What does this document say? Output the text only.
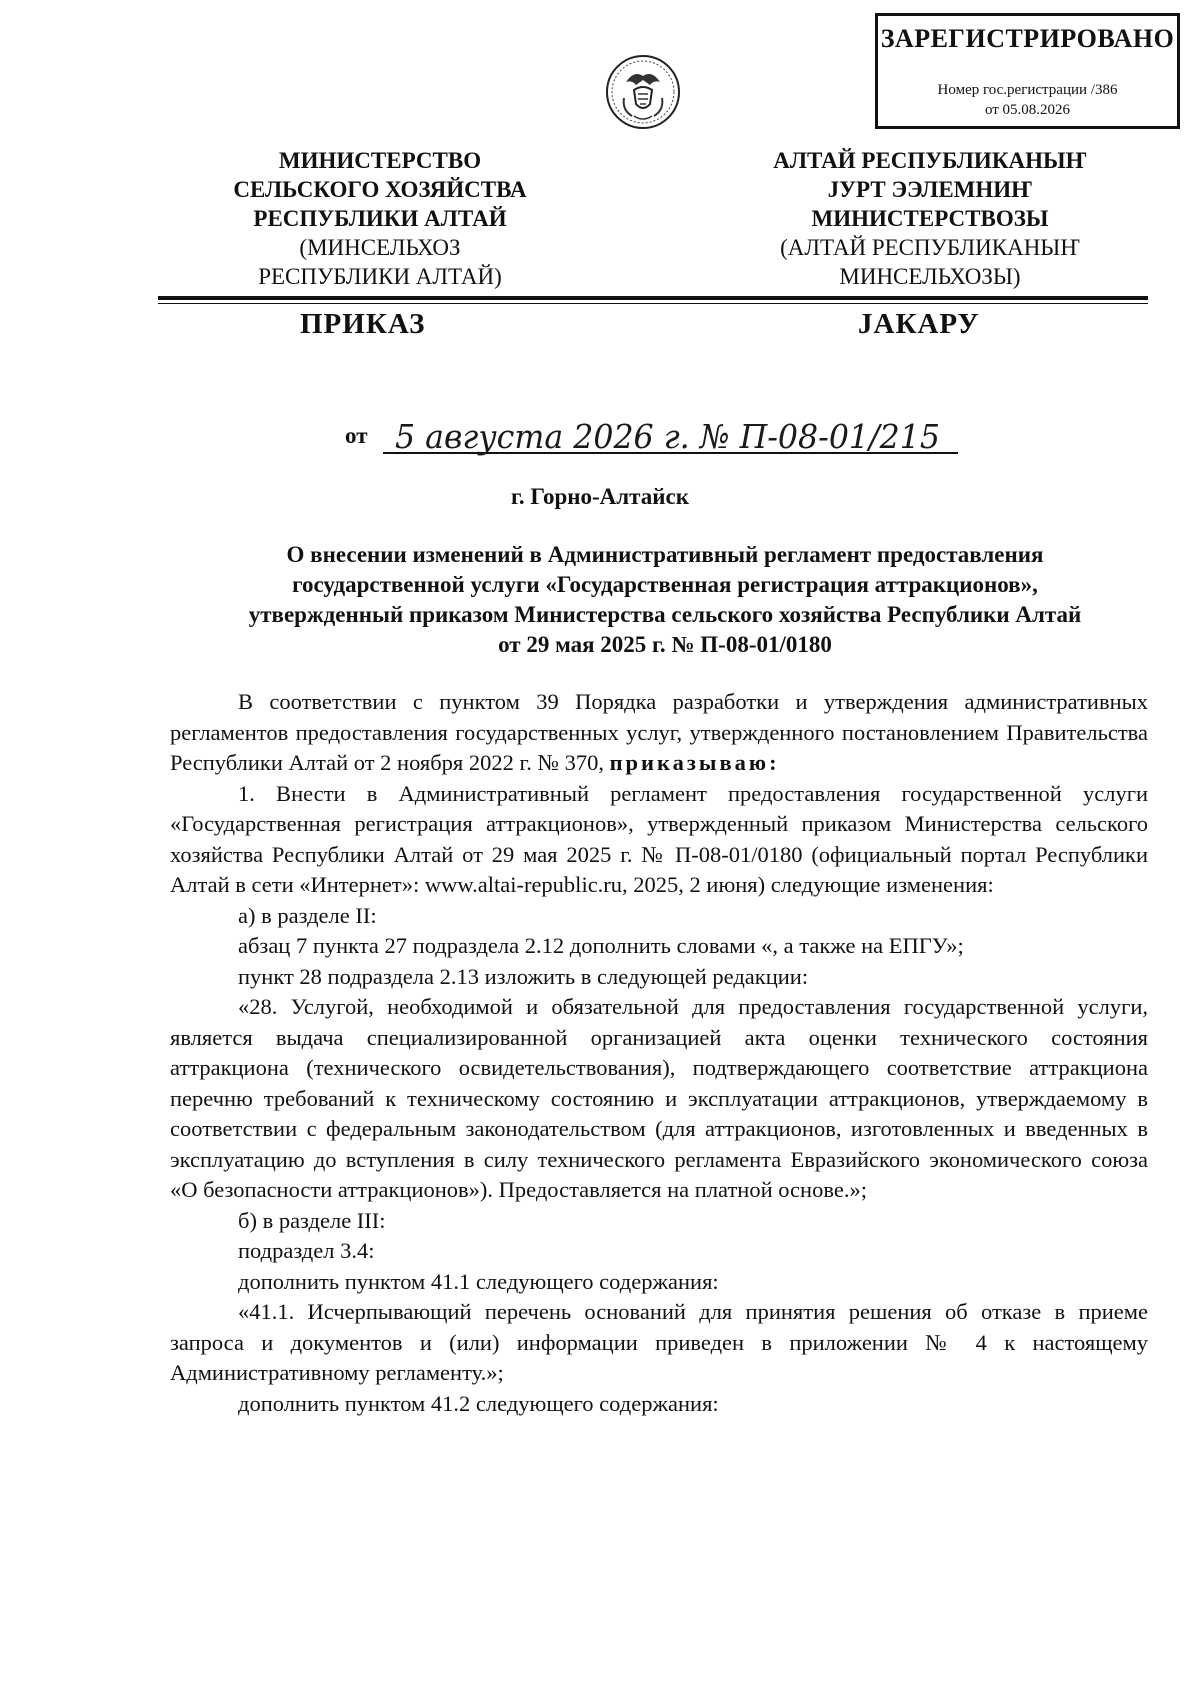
ЗАРЕГИСТРИРОВАНО
Номер гос.регистрации /386
от 05.08.2026
МИНИСТЕРСТВО
СЕЛЬСКОГО ХОЗЯЙСТВА
РЕСПУБЛИКИ АЛТАЙ
(МИНСЕЛЬХОЗ
РЕСПУБЛИКИ АЛТАЙ)
АЛТАЙ РЕСПУБЛИКАНЫҤ
ЈУРТ ЭЭЛЕМНИҤ
МИНИСТЕРСТВОЗЫ
(АЛТАЙ РЕСПУБЛИКАНЫҤ
МИНСЕЛЬХОЗЫ)
ПРИКАЗ	ЈАКАРУ
от 5 августа 2026 г. № П-08-01/215
г. Горно-Алтайск
О внесении изменений в Административный регламент предоставления
государственной услуги «Государственная регистрация аттракционов»,
утвержденный приказом Министерства сельского хозяйства Республики Алтай
от 29 мая 2025 г. № П-08-01/0180

В соответствии с пунктом 39 Порядка разработки и утверждения административных регламентов предоставления государственных услуг, утвержденного постановлением Правительства Республики Алтай от 2 ноября 2022 г. № 370, приказываю:

1. Внести в Административный регламент предоставления государственной услуги «Государственная регистрация аттракционов», утвержденный приказом Министерства сельского хозяйства Республики Алтай от 29 мая 2025 г. № П-08-01/0180 (официальный портал Республики Алтай в сети «Интернет»: www.altai-republic.ru, 2025, 2 июня) следующие изменения:

а) в разделе II:

абзац 7 пункта 27 подраздела 2.12 дополнить словами «, а также на ЕПГУ»;

пункт 28 подраздела 2.13 изложить в следующей редакции:

«28. Услугой, необходимой и обязательной для предоставления государственной услуги, является выдача специализированной организацией акта оценки технического состояния аттракциона (технического освидетельствования), подтверждающего соответствие аттракциона перечню требований к техническому состоянию и эксплуатации аттракционов, утверждаемому в соответствии с федеральным законодательством (для аттракционов, изготовленных и введенных в эксплуатацию до вступления в силу технического регламента Евразийского экономического союза «О безопасности аттракционов»). Предоставляется на платной основе.»;

б) в разделе III:

подраздел 3.4:

дополнить пунктом 41.1 следующего содержания:

«41.1. Исчерпывающий перечень оснований для принятия решения об отказе в приеме запроса и документов и (или) информации приведен в приложении № 4 к настоящему Административному регламенту.»;

дополнить пунктом 41.2 следующего содержания:
